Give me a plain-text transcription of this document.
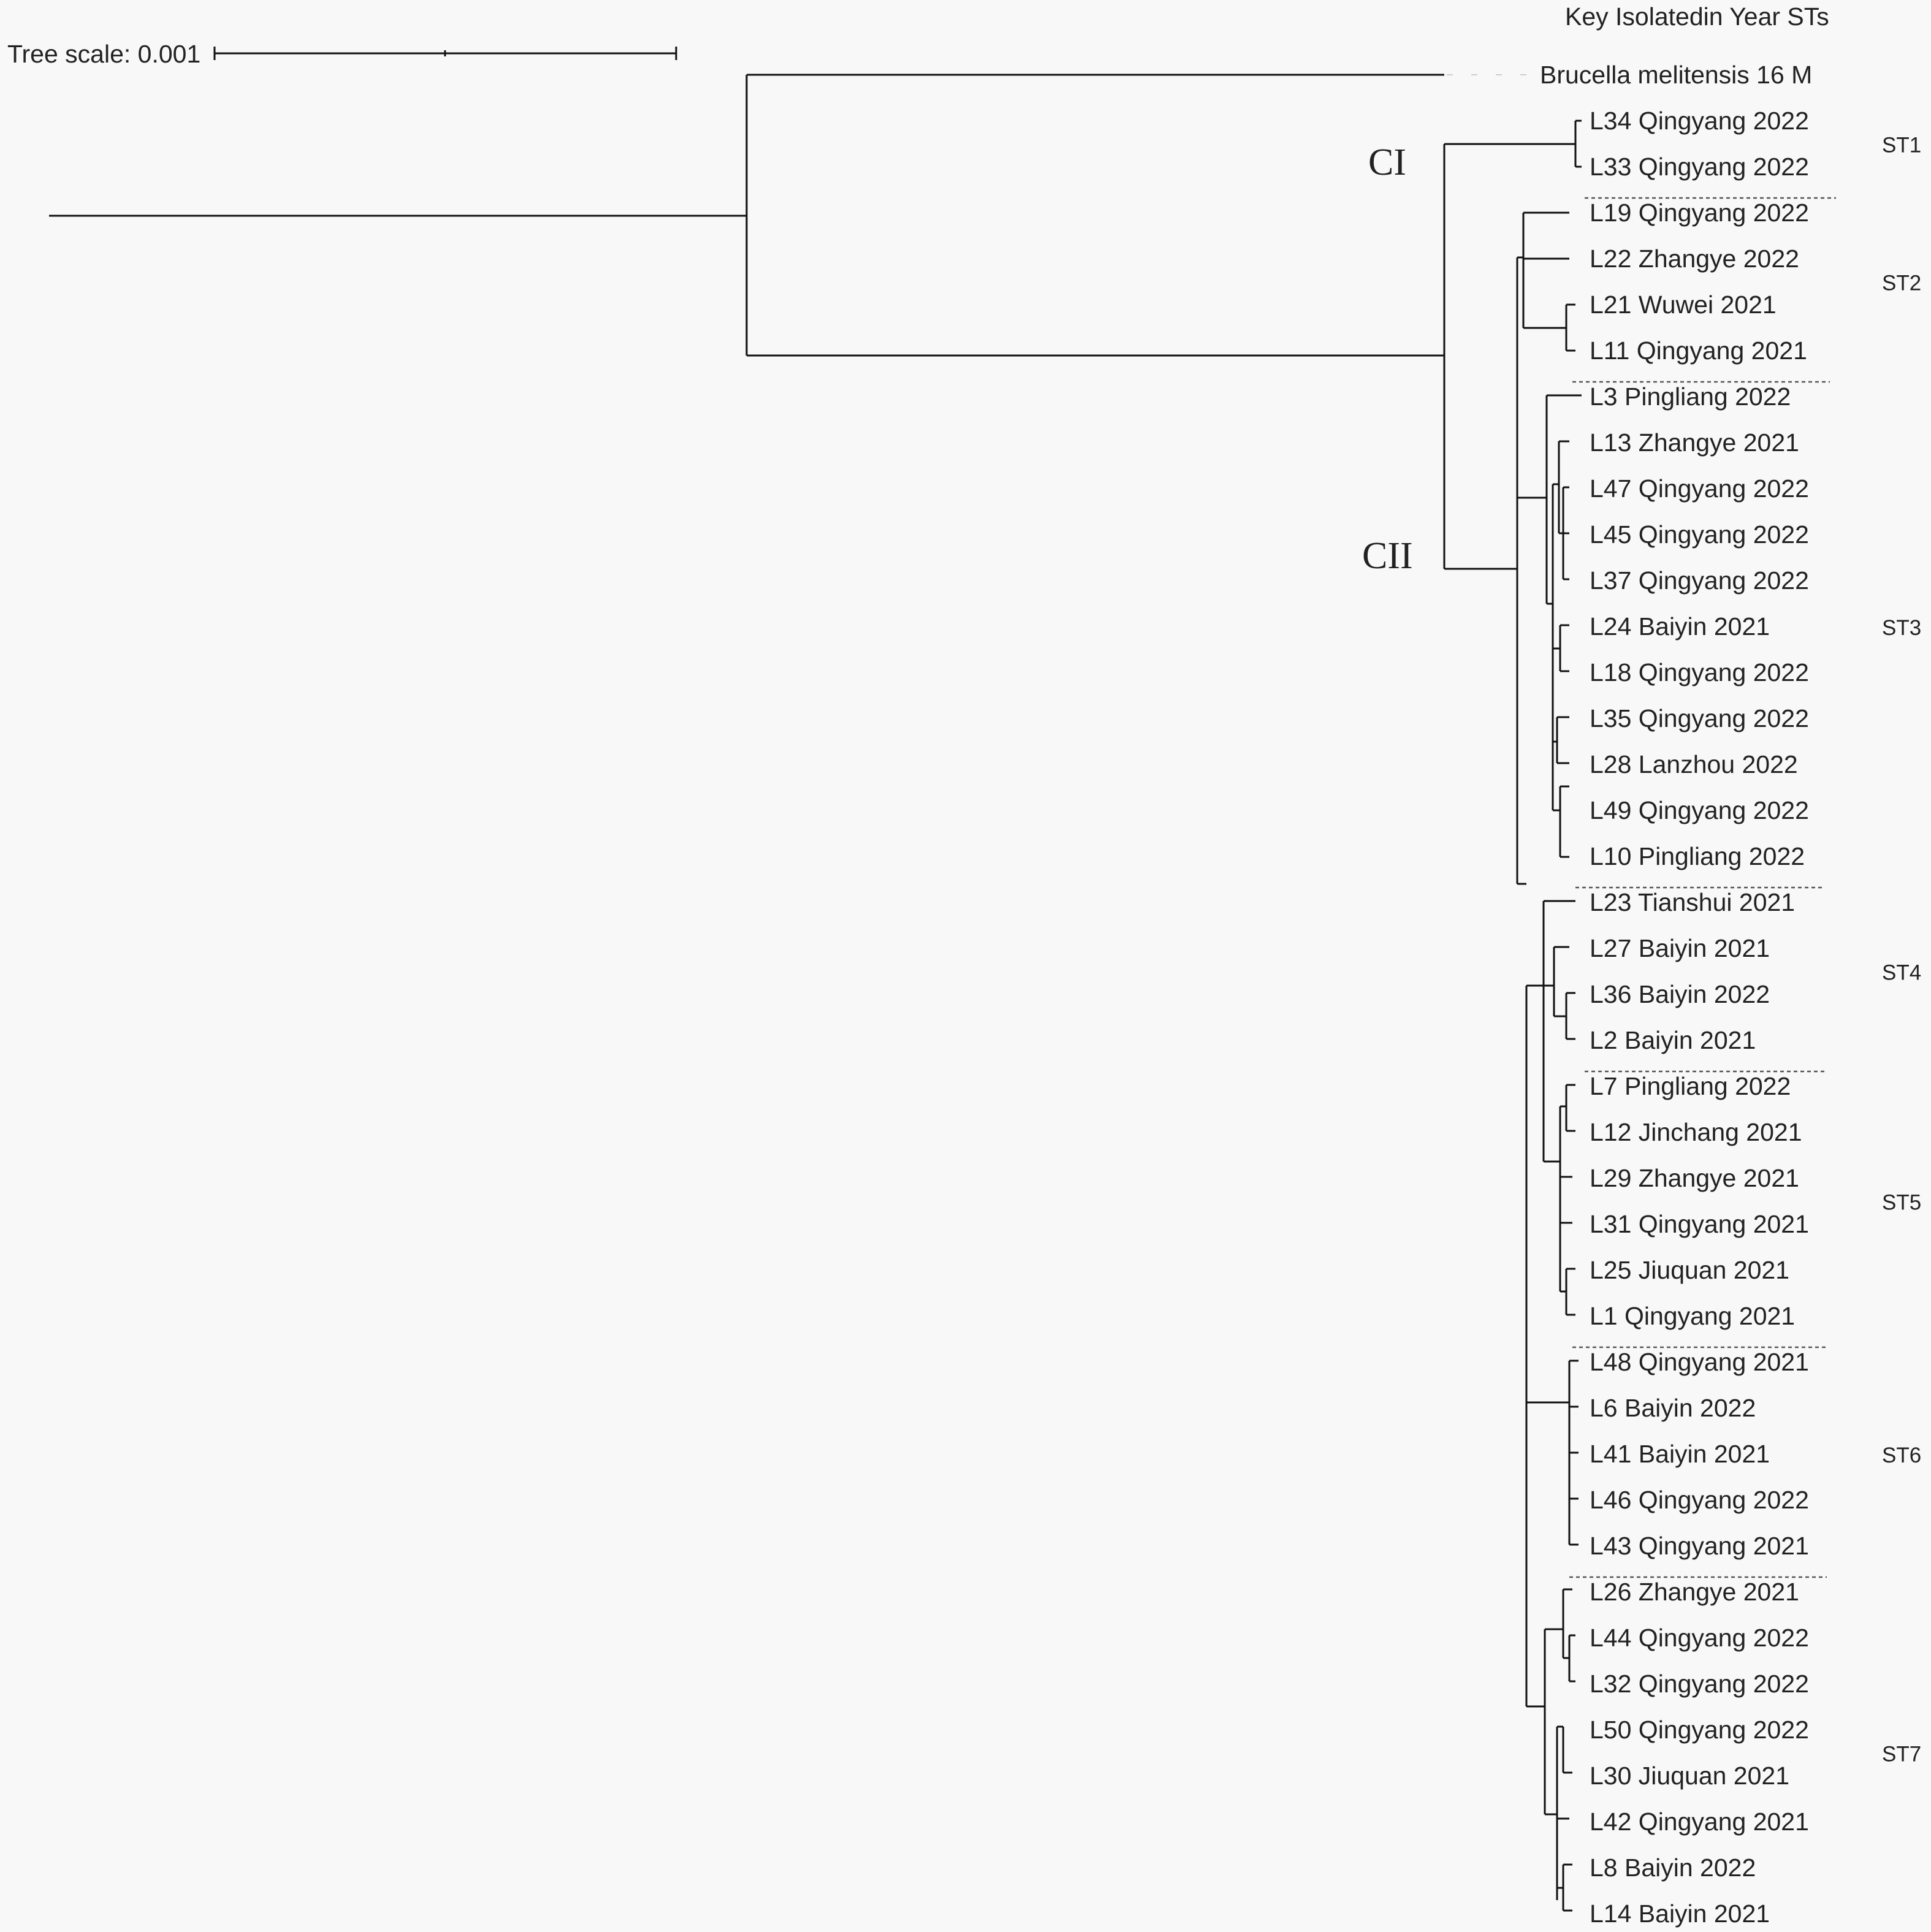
Key Isolatedin Year STs
Tree scale: 0.001
CI
CII
Brucella melitensis 16 M
L34 Qingyang 2022
L33 Qingyang 2022
L19 Qingyang 2022
L22 Zhangye 2022
L21 Wuwei 2021
L11 Qingyang 2021
L3 Pingliang 2022
L13 Zhangye 2021
L47 Qingyang 2022
L45 Qingyang 2022
L37 Qingyang 2022
L24 Baiyin 2021
L18 Qingyang 2022
L35 Qingyang 2022
L28 Lanzhou 2022
L49 Qingyang 2022
L10 Pingliang 2022
L23 Tianshui 2021
L27 Baiyin 2021
L36 Baiyin 2022
L2 Baiyin 2021
L7 Pingliang 2022
L12 Jinchang 2021
L29 Zhangye 2021
L31 Qingyang 2021
L25 Jiuquan 2021
L1 Qingyang 2021
L48 Qingyang 2021
L6 Baiyin 2022
L41 Baiyin 2021
L46 Qingyang 2022
L43 Qingyang 2021
L26 Zhangye 2021
L44 Qingyang 2022
L32 Qingyang 2022
L50 Qingyang 2022
L30 Jiuquan 2021
L42 Qingyang 2021
L8 Baiyin 2022
L14 Baiyin 2021
ST1
ST2
ST3
ST4
ST5
ST6
ST7
